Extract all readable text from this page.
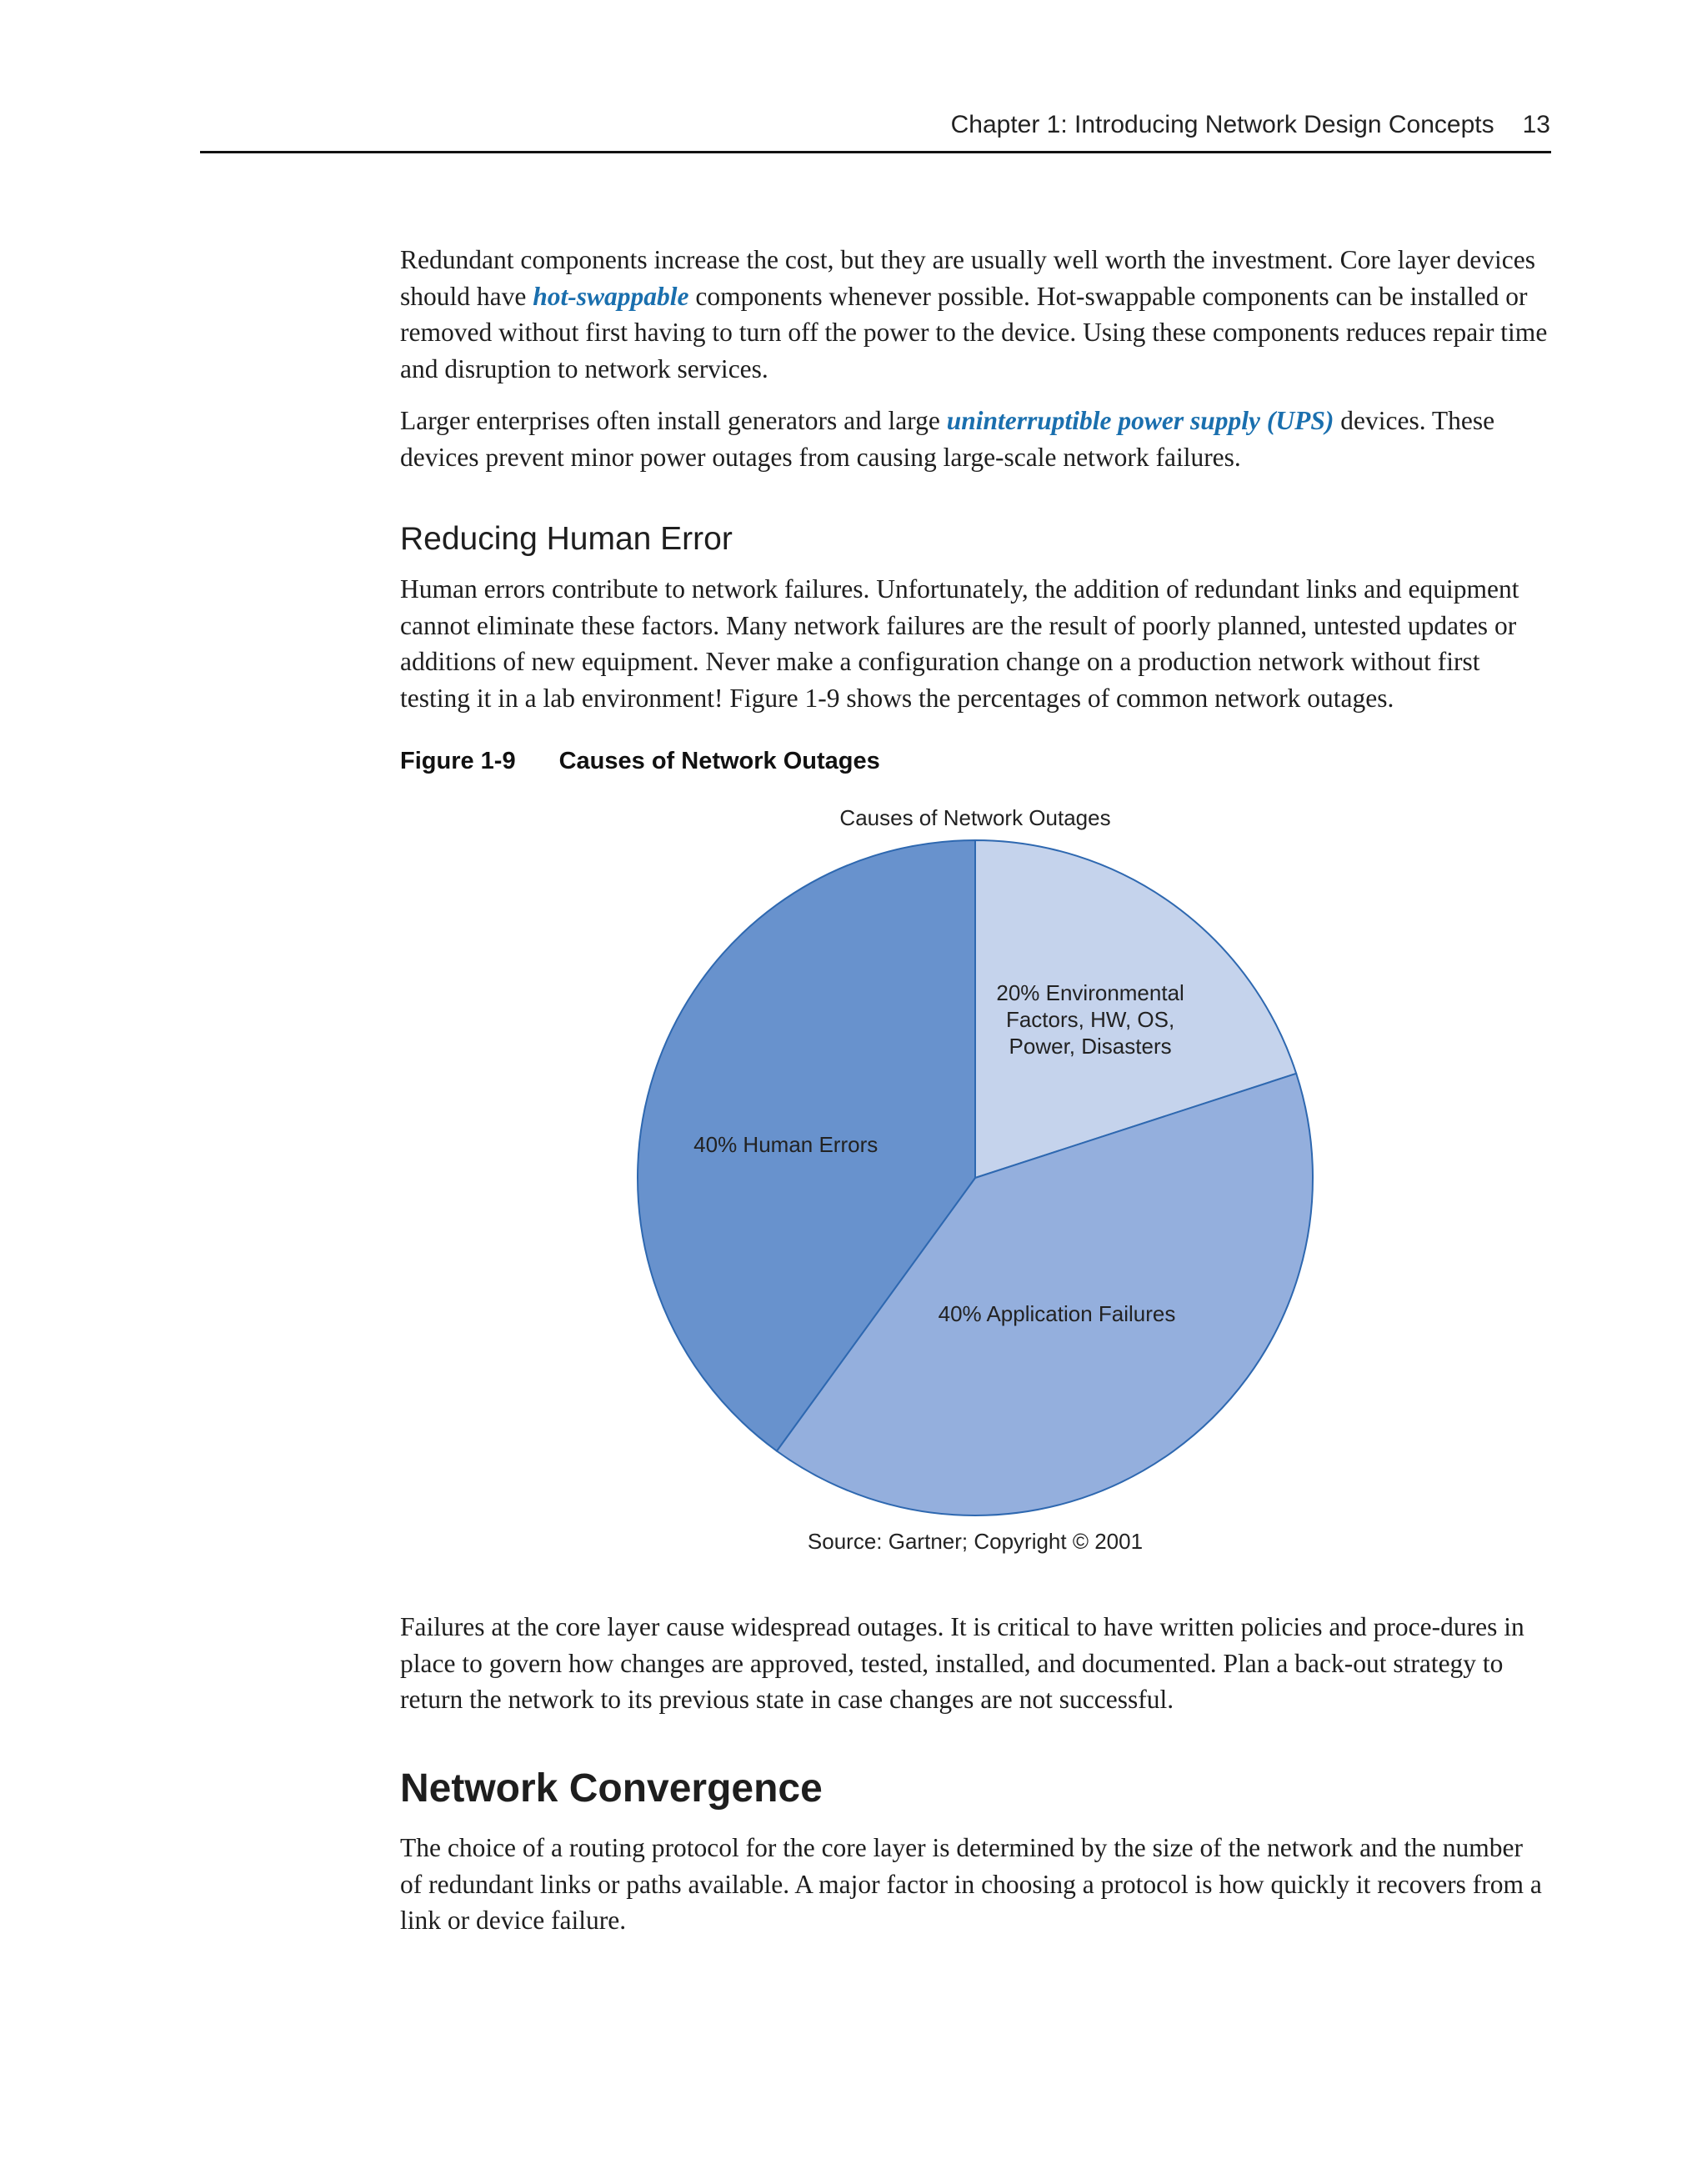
Chapter 1: Introducing Network Design Concepts 13

Redundant components increase the cost, but they are usually well worth the investment. Core layer devices should have hot-swappable components whenever possible. Hot-swappable components can be installed or removed without first having to turn off the power to the device. Using these components reduces repair time and disruption to network services.

Larger enterprises often install generators and large uninterruptible power supply (UPS) devices. These devices prevent minor power outages from causing large-scale network failures.

Reducing Human Error

Human errors contribute to network failures. Unfortunately, the addition of redundant links and equipment cannot eliminate these factors. Many network failures are the result of poorly planned, untested updates or additions of new equipment. Never make a configuration change on a production network without first testing it in a lab environment! Figure 1-9 shows the percentages of common network outages.

Figure 1-9 Causes of Network Outages
Causes of Network Outages
20% Environmental Factors, HW, OS, Power, Disasters
40% Application Failures
40% Human Errors
Source: Gartner; Copyright © 2001

Failures at the core layer cause widespread outages. It is critical to have written policies and proce-dures in place to govern how changes are approved, tested, installed, and documented. Plan a back-out strategy to return the network to its previous state in case changes are not successful.

Network Convergence

The choice of a routing protocol for the core layer is determined by the size of the network and the number of redundant links or paths available. A major factor in choosing a protocol is how quickly it recovers from a link or device failure.
